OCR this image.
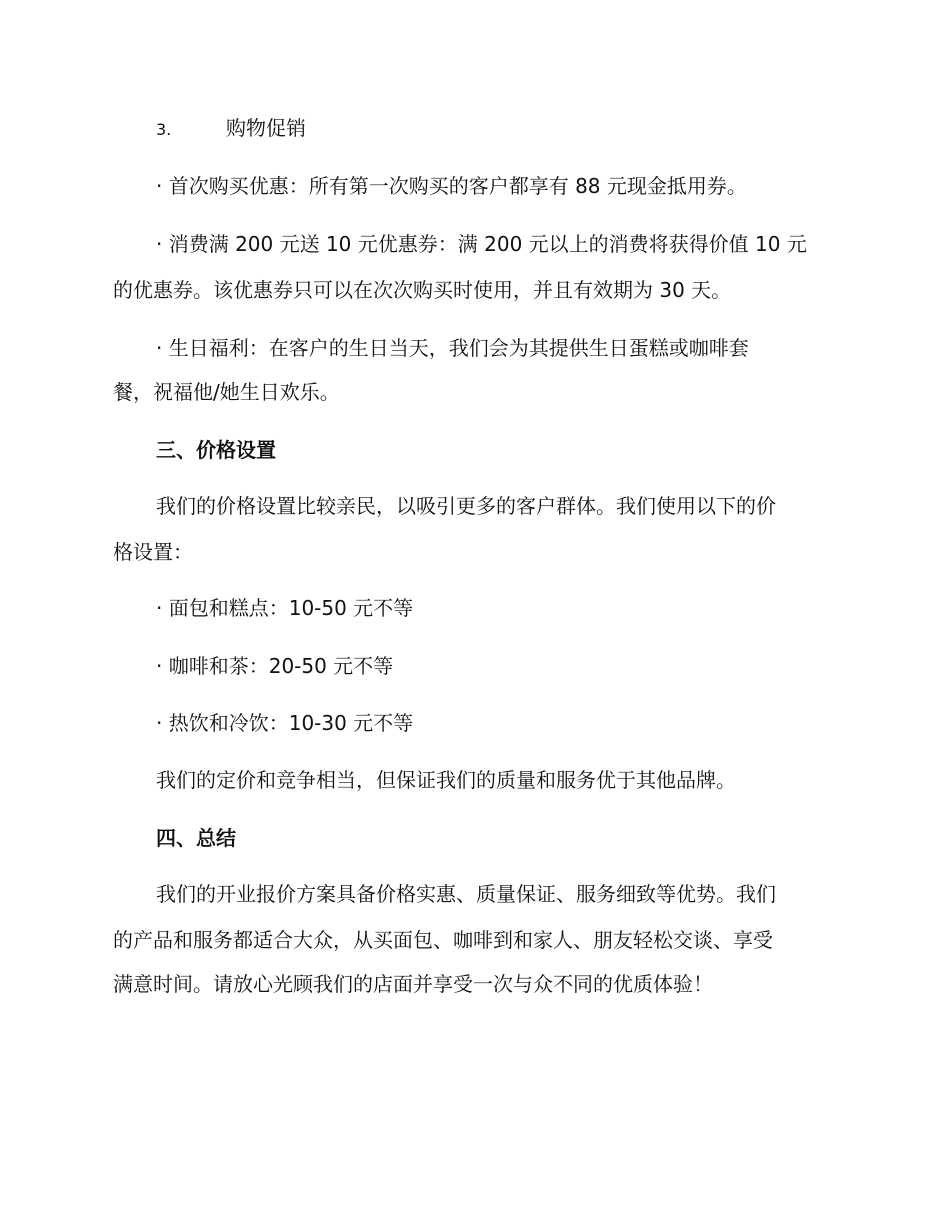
3.	购物促销
· 首次购买优惠：所有第一次购买的客户都享有 88 元现金抵用券。
· 消费满 200 元送 10 元优惠券：满 200 元以上的消费将获得价值 10 元
的优惠券。该优惠券只可以在次次购买时使用，并且有效期为 30 天。
· 生日福利：在客户的生日当天，我们会为其提供生日蛋糕或咖啡套
餐，祝福他/她生日欢乐。
三、价格设置
我们的价格设置比较亲民，以吸引更多的客户群体。我们使用以下的价
格设置：
· 面包和糕点：10-50 元不等
· 咖啡和茶：20-50 元不等
· 热饮和冷饮：10-30 元不等
我们的定价和竞争相当，但保证我们的质量和服务优于其他品牌。
四、总结
我们的开业报价方案具备价格实惠、质量保证、服务细致等优势。我们
的产品和服务都适合大众，从买面包、咖啡到和家人、朋友轻松交谈、享受
满意时间。请放心光顾我们的店面并享受一次与众不同的优质体验！
